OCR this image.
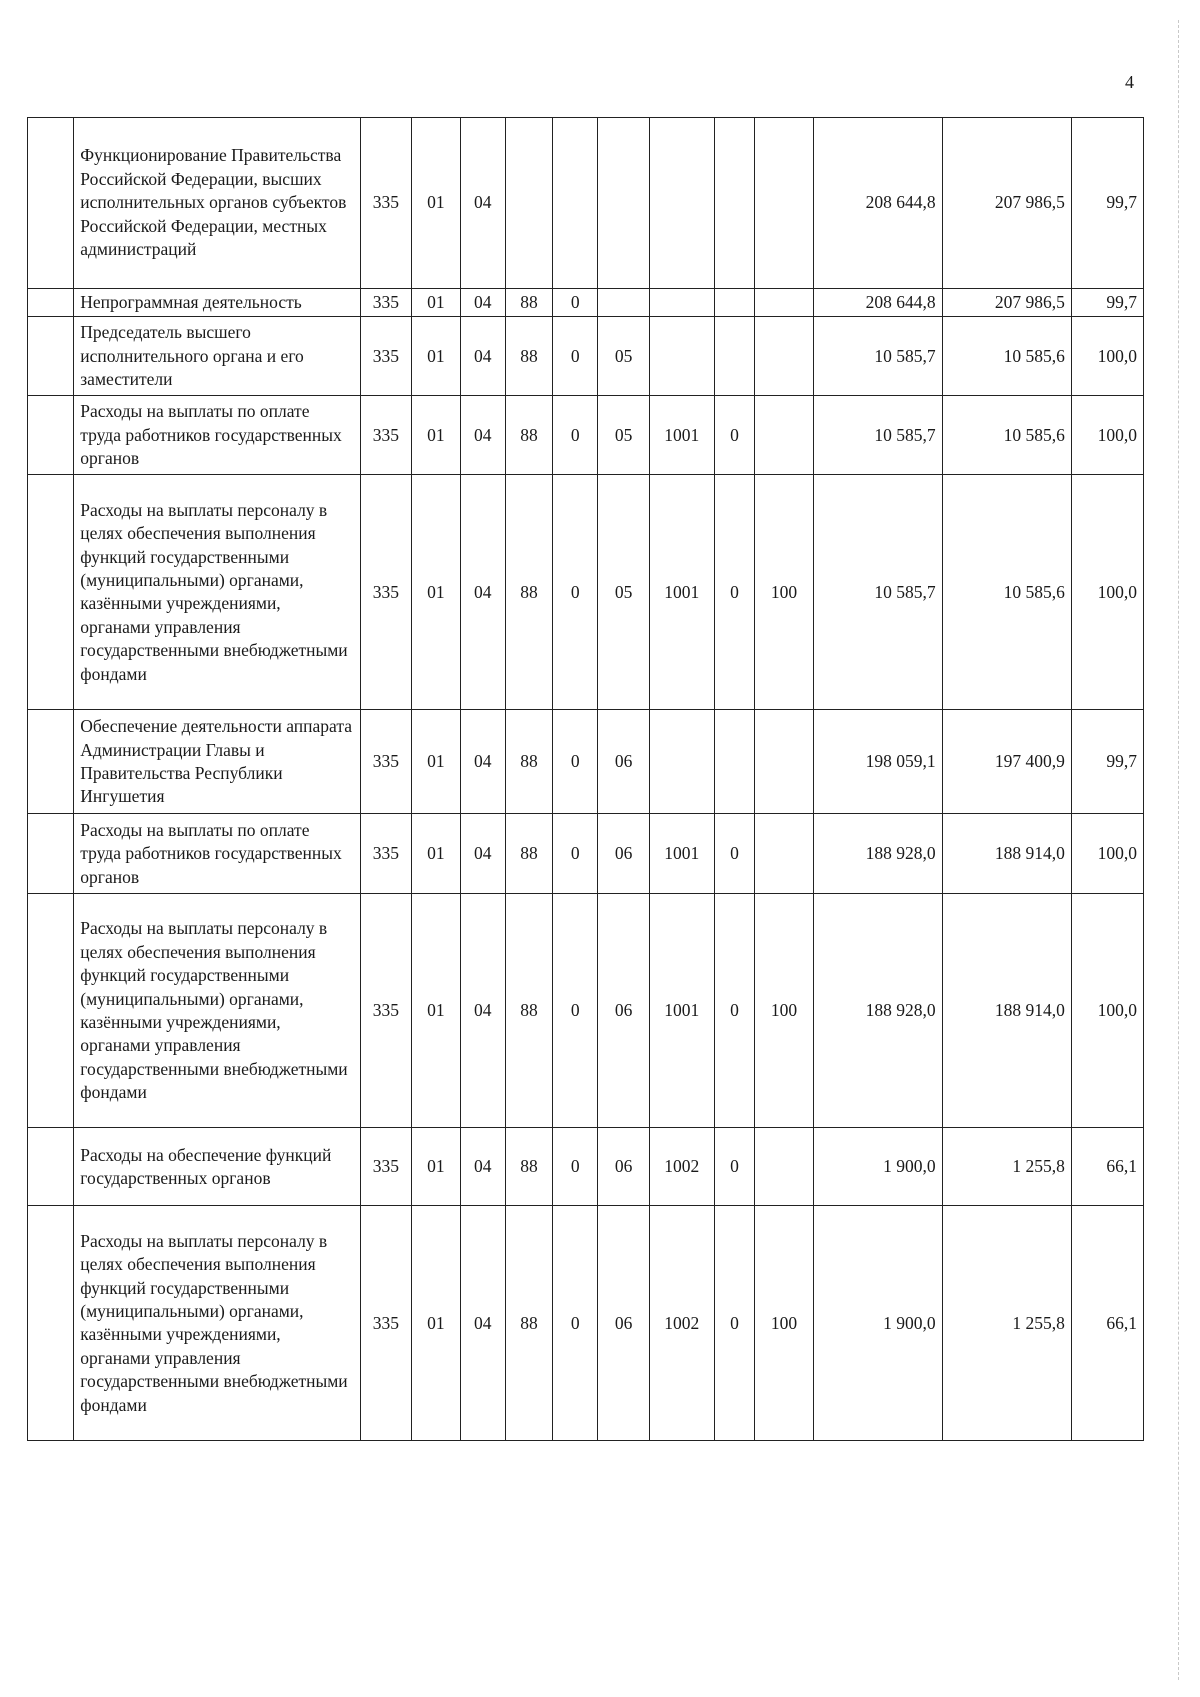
4
	Функционирование Правительства Российской Федерации, высших исполнительных органов субъектов Российской Федерации, местных администраций	335	01	04							208 644,8	207 986,5	99,7
	Непрограммная деятельность	335	01	04	88	0					208 644,8	207 986,5	99,7
	Председатель высшего исполнительного органа и его заместители	335	01	04	88	0	05				10 585,7	10 585,6	100,0
	Расходы на выплаты по оплате труда работников государственных органов	335	01	04	88	0	05	1001	0		10 585,7	10 585,6	100,0
	Расходы на выплаты персоналу в целях обеспечения выполнения функций государственными (муниципальными) органами, казёнными учреждениями, органами управления государственными внебюджетными фондами	335	01	04	88	0	05	1001	0	100	10 585,7	10 585,6	100,0
	Обеспечение деятельности аппарата Администрации Главы и Правительства Республики Ингушетия	335	01	04	88	0	06				198 059,1	197 400,9	99,7
	Расходы на выплаты по оплате труда работников государственных органов	335	01	04	88	0	06	1001	0		188 928,0	188 914,0	100,0
	Расходы на выплаты персоналу в целях обеспечения выполнения функций государственными (муниципальными) органами, казёнными учреждениями, органами управления государственными внебюджетными фондами	335	01	04	88	0	06	1001	0	100	188 928,0	188 914,0	100,0
	Расходы на обеспечение функций государственных органов	335	01	04	88	0	06	1002	0		1 900,0	1 255,8	66,1
	Расходы на выплаты персоналу в целях обеспечения выполнения функций государственными (муниципальными) органами, казёнными учреждениями, органами управления государственными внебюджетными фондами	335	01	04	88	0	06	1002	0	100	1 900,0	1 255,8	66,1
